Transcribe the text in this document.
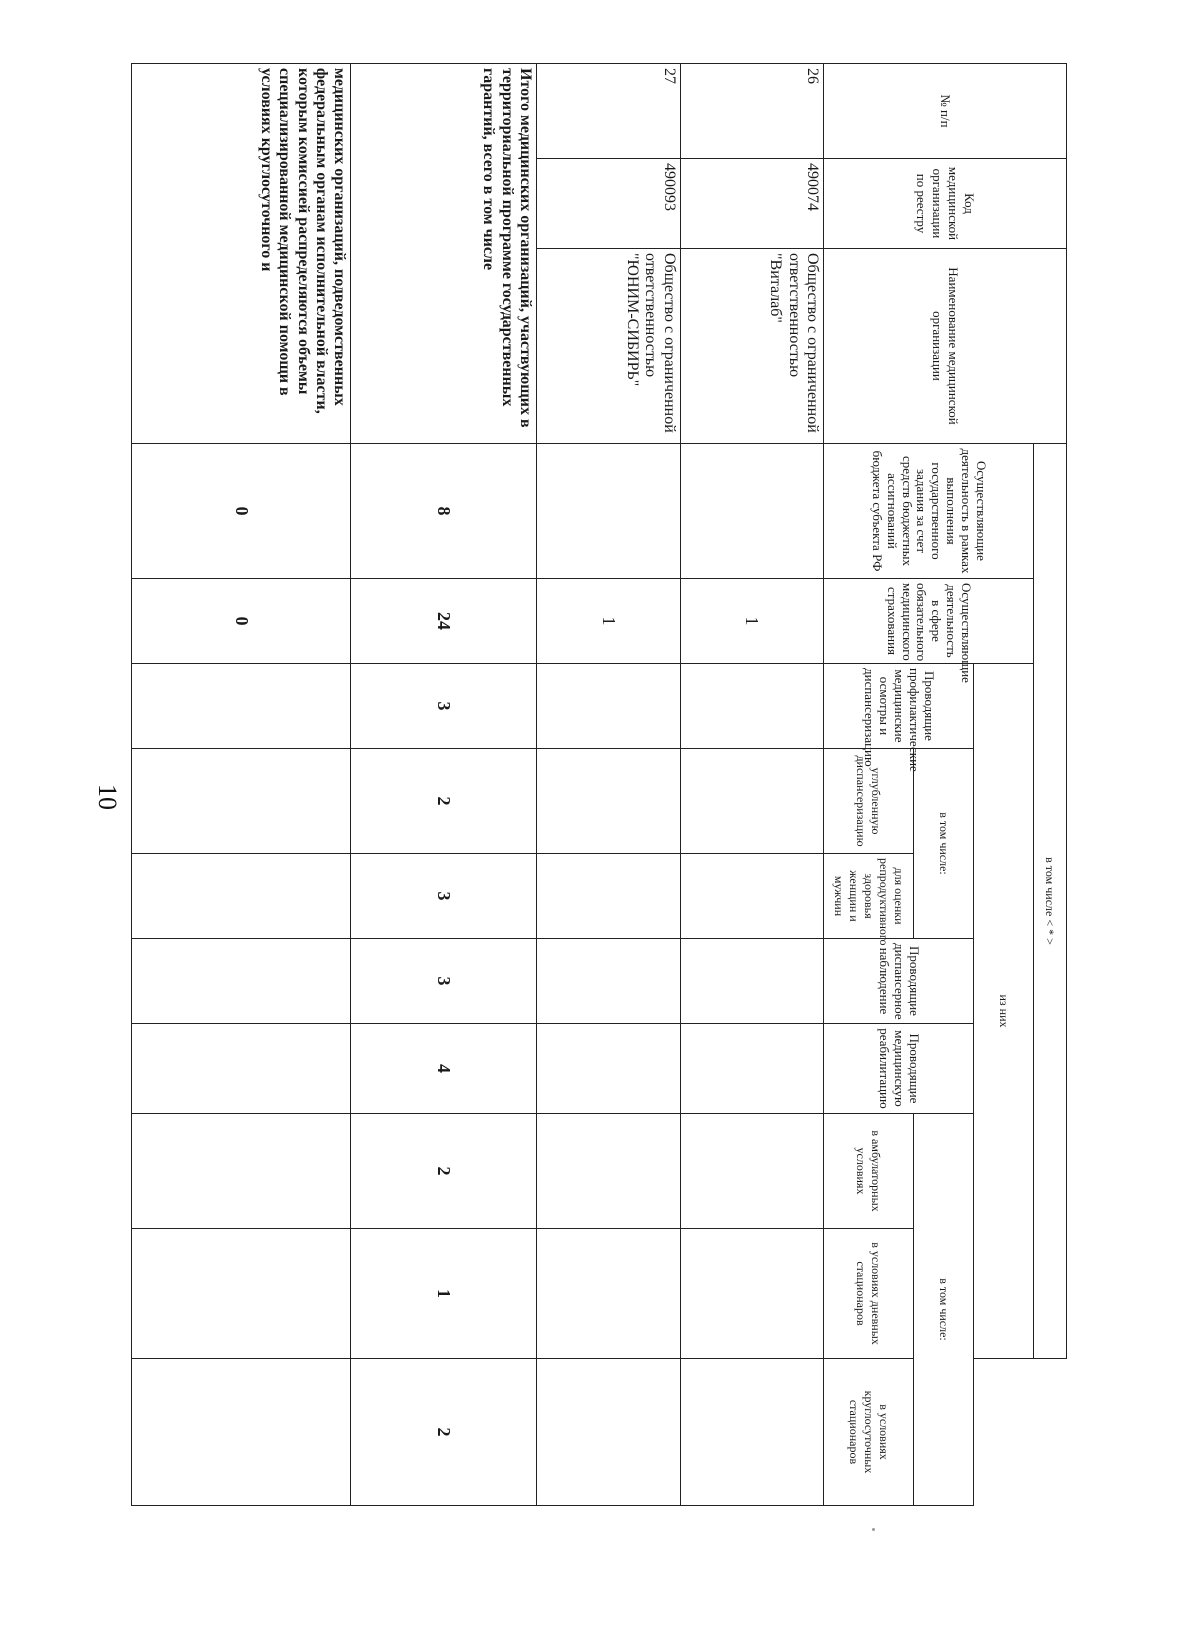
10
№ п/п	Код медицинской организации по реестру	Наименование медицинской организации	в том числе < * >									
			Осуществляющие деятельность в рамках выполнения государственного задания за счет средств бюджетных ассигнований бюджета субъекта РФ	Осуществляющие деятельность в сфере обязательного медицинского страхования	из них							
					Проводящие профилактические медицинские осмотры и диспансеризацию	в том числе:		Проводящие диспансерное наблюдение	Проводящие медицинскую реабилитацию	в том числе:		
						углубленную диспансеризацию	для оценки репродуктивного здоровья женщин и мужчин			в амбулаторных условиях	в условиях дневных стационаров	в условиях круглосуточных стационаров
26	490074	Общество с ограниченной ответственностью "Виталаб"		1								
27	490093	Общество с ограниченной ответственностью "ЮНИМ-СИБИРЬ"		1								
Итого медицинских организаций, участвующих в территориальной программе государственных гарантий, всего в том числе			8	24	3	2	3	3	4	2	1	2
медицинских организаций, подведомственных федеральным органам исполнительной власти, которым комиссией распределяются объемы специализированной медицинской помощи в условиях круглосуточного и			0	0								
